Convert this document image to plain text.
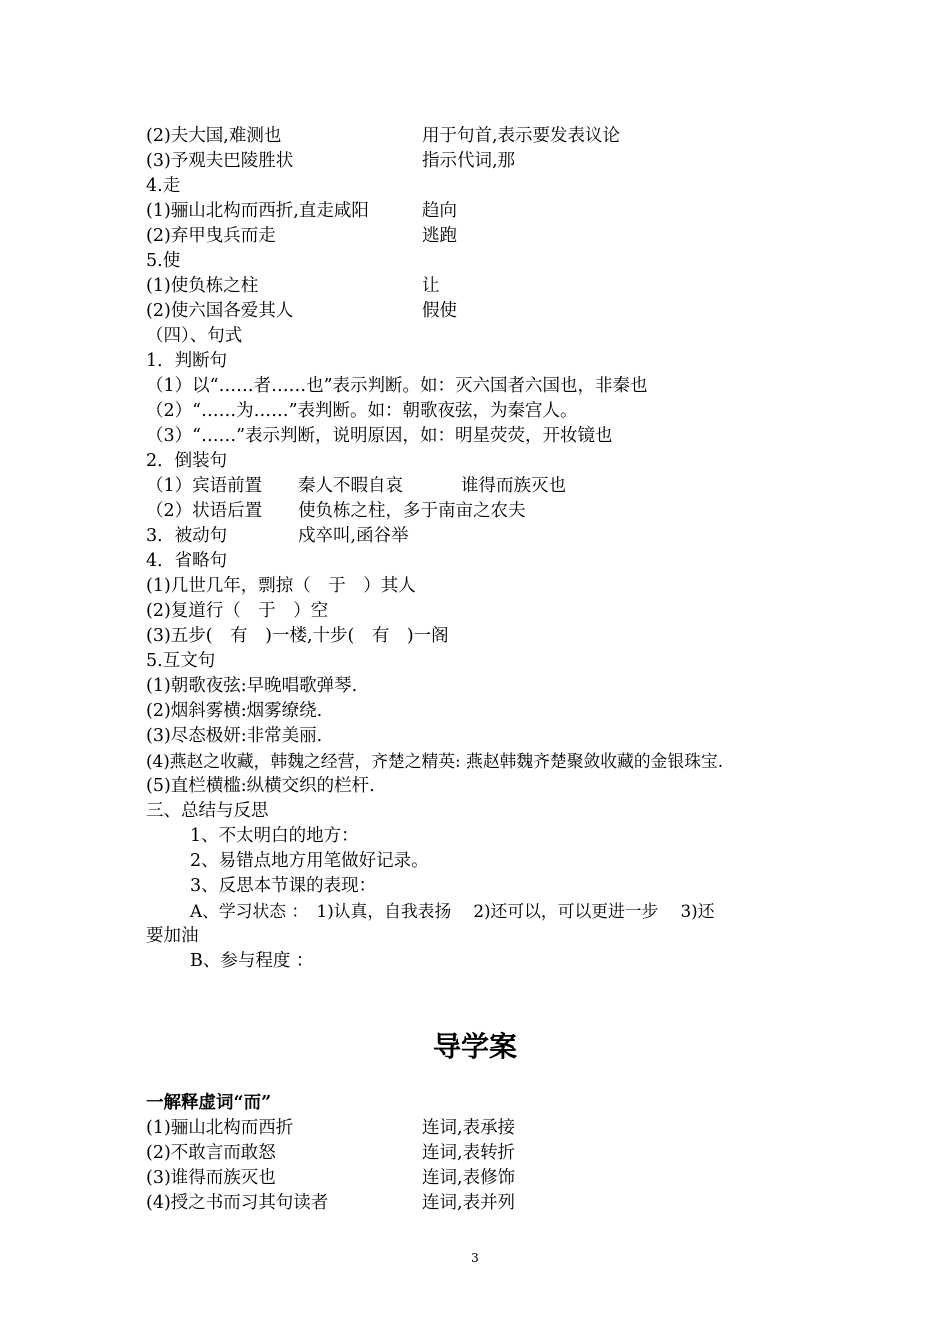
(2)夫大国,难测也	用于句首,表示要发表议论
(3)予观夫巴陵胜状	指示代词,那
4.走
(1)骊山北构而西折,直走咸阳	趋向
(2)弃甲曳兵而走	逃跑
5.使
(1)使负栋之柱	让
(2)使六国各爱其人	假使
（四）、句式
1．判断句
（1）以“……者……也”表示判断。如：灭六国者六国也，非秦也
（2）“……为……”表判断。如：朝歌夜弦，为秦宫人。
（3）“……”表示判断，说明原因，如：明星荧荧，开妆镜也
2．倒装句
（1）宾语前置 秦人不暇自哀	谁得而族灭也
（2）状语后置 使负栋之柱，多于南亩之农夫
3．被动句	戍卒叫,函谷举
4．省略句
(1)几世几年，剽掠（　于　）其人
(2)复道行（　于　）空
(3)五步(　有　)一楼,十步(　有　)一阁
5.互文句
(1)朝歌夜弦:早晚唱歌弹琴.
(2)烟斜雾横:烟雾缭绕.
(3)尽态极妍:非常美丽.
(4)燕赵之收藏，韩魏之经营，齐楚之精英: 燕赵韩魏齐楚聚敛收藏的金银珠宝.
(5)直栏横槛:纵横交织的栏杆.
三、总结与反思
1、不太明白的地方：
2、易错点地方用笔做好记录。
3、反思本节课的表现：
A、学习状态 ：　1)认真，自我表扬　 2)还可以，可以更进一步　 3)还
要加油
B、参与程度 ：
导学案
一解释虚词“而”
(1)骊山北构而西折	连词,表承接
(2)不敢言而敢怒	连词,表转折
(3)谁得而族灭也	连词,表修饰
(4)授之书而习其句读者	连词,表并列
3
